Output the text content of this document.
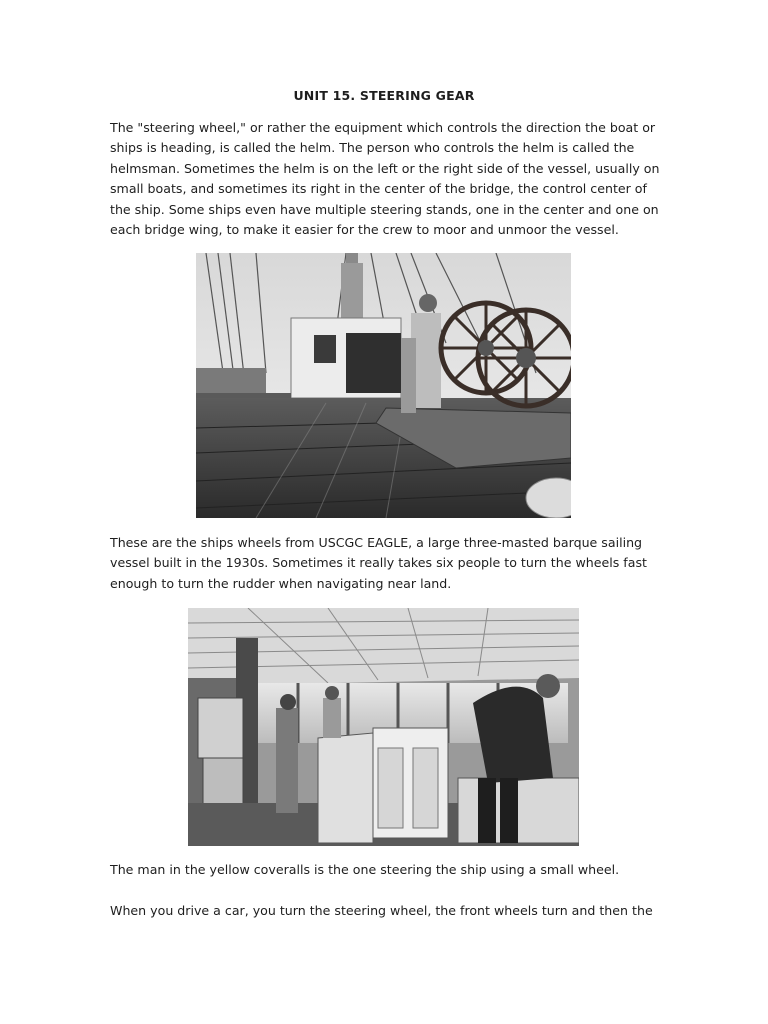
UNIT 15. STEERING GEAR

The "steering wheel," or rather the equipment which controls the direction the boat or ships is heading, is called the helm. The person who controls the helm is called the helmsman. Sometimes the helm is on the left or the right side of the vessel, usually on small boats, and sometimes its right in the center of the bridge, the control center of the ship. Some ships even have multiple steering stands, one in the center and one on each bridge wing, to make it easier for the crew to moor and unmoor the vessel.

These are the ships wheels from USCGC EAGLE, a large three-masted barque sailing vessel built in the 1930s. Sometimes it really takes six people to turn the wheels fast enough to turn the rudder when navigating near land.

The man in the yellow coveralls is the one steering the ship using a small wheel.

When you drive a car, you turn the steering wheel, the front wheels turn and then the
